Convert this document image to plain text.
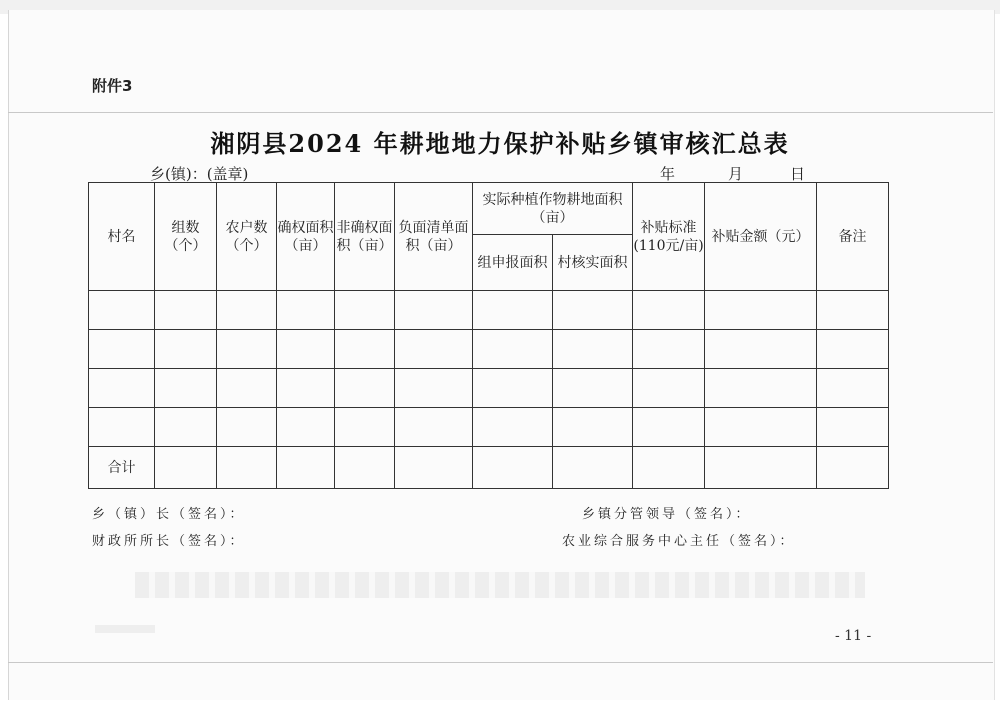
附件3
湘阴县2024 年耕地地力保护补贴乡镇审核汇总表
乡(镇)：(盖章)	年	月	日
村名	组数（个）	农户数（个）	确权面积（亩）	非确权面积（亩）	负面清单面积（亩）	实际种植作物耕地面积（亩）		补贴标准(110元/亩)	补贴金额（元）	备注
						组申报面积	村核实面积			

合计										
乡（镇）长（签名）：	乡镇分管领导（签名）：
财政所所长（签名）：	农业综合服务中心主任（签名）：
- 11 -
